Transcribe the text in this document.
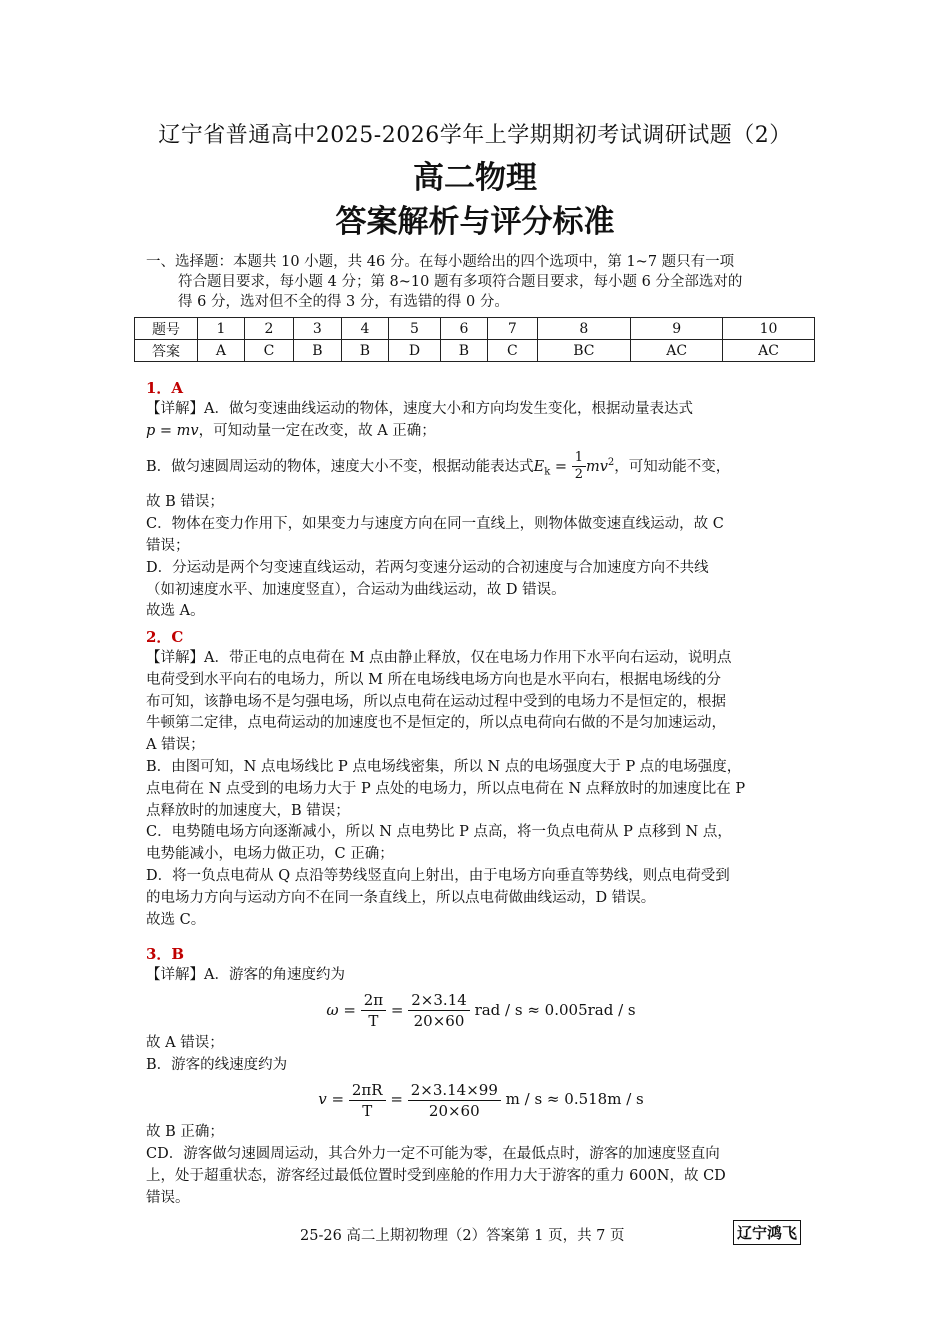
辽宁省普通高中2025-2026学年上学期期初考试调研试题（2）
高二物理
答案解析与评分标准
一、选择题：本题共 10 小题，共 46 分。在每小题给出的四个选项中，第 1~7 题只有一项
符合题目要求，每小题 4 分；第 8~10 题有多项符合题目要求，每小题 6 分全部选对的
得 6 分，选对但不全的得 3 分，有选错的得 0 分。
题号	1	2	3	4	5	6	7	8	9	10
答案	A	C	B	B	D	B	C	BC	AC	AC
1．A

【详解】A．做匀变速曲线运动的物体，速度大小和方向均发生变化，根据动量表达式

p = mv，可知动量一定在改变，故 A 正确；

B．做匀速圆周运动的物体，速度大小不变，根据动能表达式$E_k = \frac{1}{2} mv^2$，可知动能不变，

故 B 错误；

C．物体在变力作用下，如果变力与速度方向在同一直线上，则物体做变速直线运动，故 C

错误；

D．分运动是两个匀变速直线运动，若两匀变速分运动的合初速度与合加速度方向不共线

（如初速度水平、加速度竖直），合运动为曲线运动，故 D 错误。

故选 A。

2．C

【详解】A．带正电的点电荷在 M 点由静止释放，仅在电场力作用下水平向右运动，说明点

电荷受到水平向右的电场力，所以 M 所在电场线电场方向也是水平向右，根据电场线的分

布可知，该静电场不是匀强电场，所以点电荷在运动过程中受到的电场力不是恒定的，根据

牛顿第二定律，点电荷运动的加速度也不是恒定的，所以点电荷向右做的不是匀加速运动，

A 错误；

B．由图可知，N 点电场线比 P 点电场线密集，所以 N 点的电场强度大于 P 点的电场强度，

点电荷在 N 点受到的电场力大于 P 点处的电场力，所以点电荷在 N 点释放时的加速度比在 P

点释放时的加速度大，B 错误；

C．电势随电场方向逐渐减小，所以 N 点电势比 P 点高，将一负点电荷从 P 点移到 N 点，

电势能减小，电场力做正功，C 正确；

D．将一负点电荷从 Q 点沿等势线竖直向上射出，由于电场方向垂直等势线，则点电荷受到

的电场力方向与运动方向不在同一条直线上，所以点电荷做曲线运动，D 错误。

故选 C。

3．B

【详解】A．游客的角速度约为

$\omega = \frac{2\pi}{T} = \frac{2\times 3.14}{20\times 60}$ rad / s ≈ 0.005rad / s

故 A 错误；

B．游客的线速度约为

$v = \frac{2\pi R}{T} = \frac{2\times 3.14\times 99}{20\times 60}$ m / s ≈ 0.518m / s

故 B 正确；

CD．游客做匀速圆周运动，其合外力一定不可能为零，在最低点时，游客的加速度竖直向

上，处于超重状态，游客经过最低位置时受到座舱的作用力大于游客的重力 600N，故 CD

错误。

25-26 高二上期初物理（2）答案第 1 页，共 7 页	辽宁鸿飞
